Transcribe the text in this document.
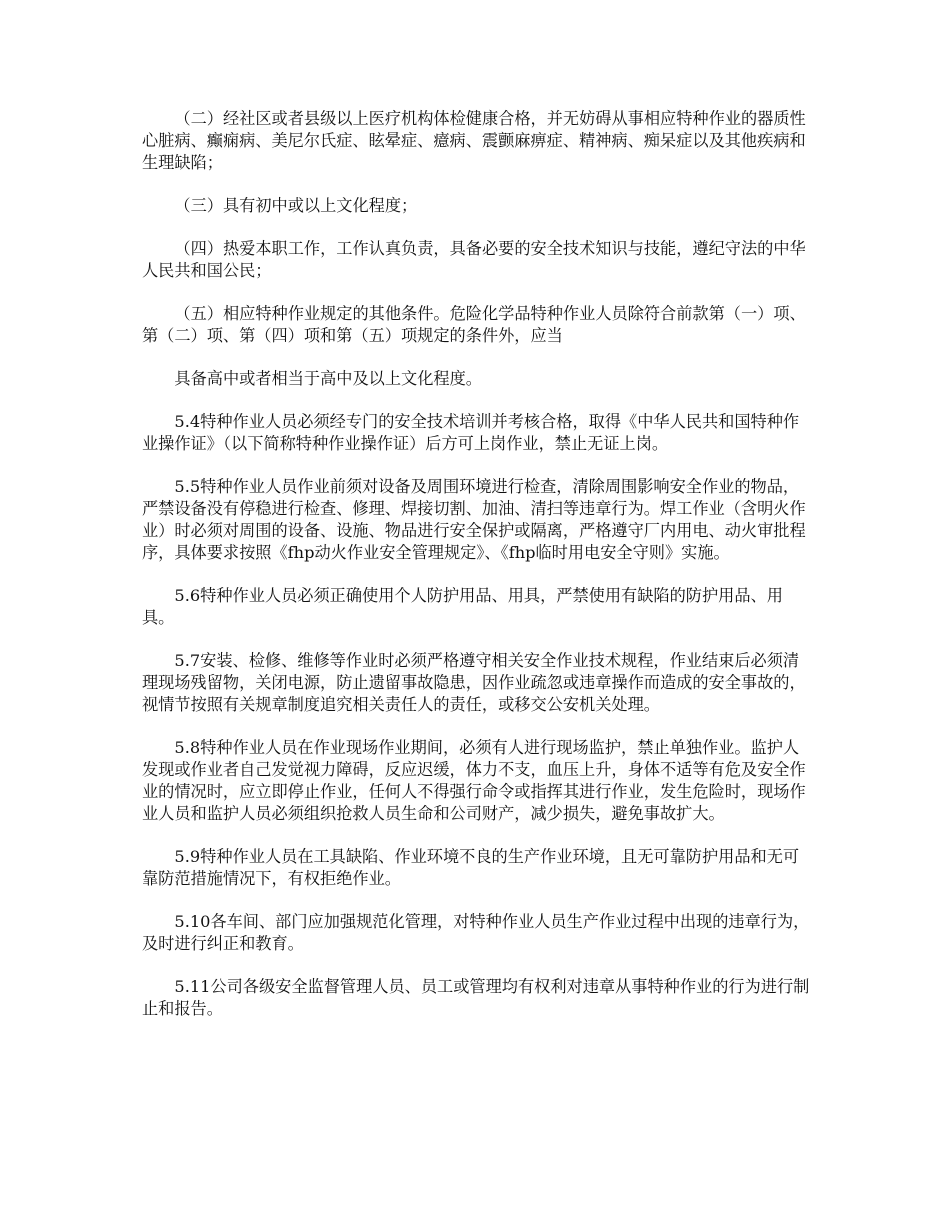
（二）经社区或者县级以上医疗机构体检健康合格，并无妨碍从事相应特种作业的器质性心脏病、癫痫病、美尼尔氏症、眩晕症、癔病、震颤麻痹症、精神病、痴呆症以及其他疾病和生理缺陷；

（三）具有初中或以上文化程度；

（四）热爱本职工作，工作认真负责，具备必要的安全技术知识与技能，遵纪守法的中华人民共和国公民；

（五）相应特种作业规定的其他条件。危险化学品特种作业人员除符合前款第（一）项、第（二）项、第（四）项和第（五）项规定的条件外，应当

具备高中或者相当于高中及以上文化程度。

5.4特种作业人员必须经专门的安全技术培训并考核合格，取得《中华人民共和国特种作业操作证》（以下简称特种作业操作证）后方可上岗作业，禁止无证上岗。

5.5特种作业人员作业前须对设备及周围环境进行检查，清除周围影响安全作业的物品，严禁设备没有停稳进行检查、修理、焊接切割、加油、清扫等违章行为。焊工作业（含明火作业）时必须对周围的设备、设施、物品进行安全保护或隔离，严格遵守厂内用电、动火审批程序，具体要求按照《fhp动火作业安全管理规定》、《fhp临时用电安全守则》实施。

5.6特种作业人员必须正确使用个人防护用品、用具，严禁使用有缺陷的防护用品、用具。

5.7安装、检修、维修等作业时必须严格遵守相关安全作业技术规程，作业结束后必须清理现场残留物，关闭电源，防止遗留事故隐患，因作业疏忽或违章操作而造成的安全事故的，视情节按照有关规章制度追究相关责任人的责任，或移交公安机关处理。

5.8特种作业人员在作业现场作业期间，必须有人进行现场监护，禁止单独作业。监护人发现或作业者自己发觉视力障碍，反应迟缓，体力不支，血压上升，身体不适等有危及安全作业的情况时，应立即停止作业，任何人不得强行命令或指挥其进行作业，发生危险时，现场作业人员和监护人员必须组织抢救人员生命和公司财产，减少损失，避免事故扩大。

5.9特种作业人员在工具缺陷、作业环境不良的生产作业环境，且无可靠防护用品和无可靠防范措施情况下，有权拒绝作业。

5.10各车间、部门应加强规范化管理，对特种作业人员生产作业过程中出现的违章行为，及时进行纠正和教育。

5.11公司各级安全监督管理人员、员工或管理均有权利对违章从事特种作业的行为进行制止和报告。
